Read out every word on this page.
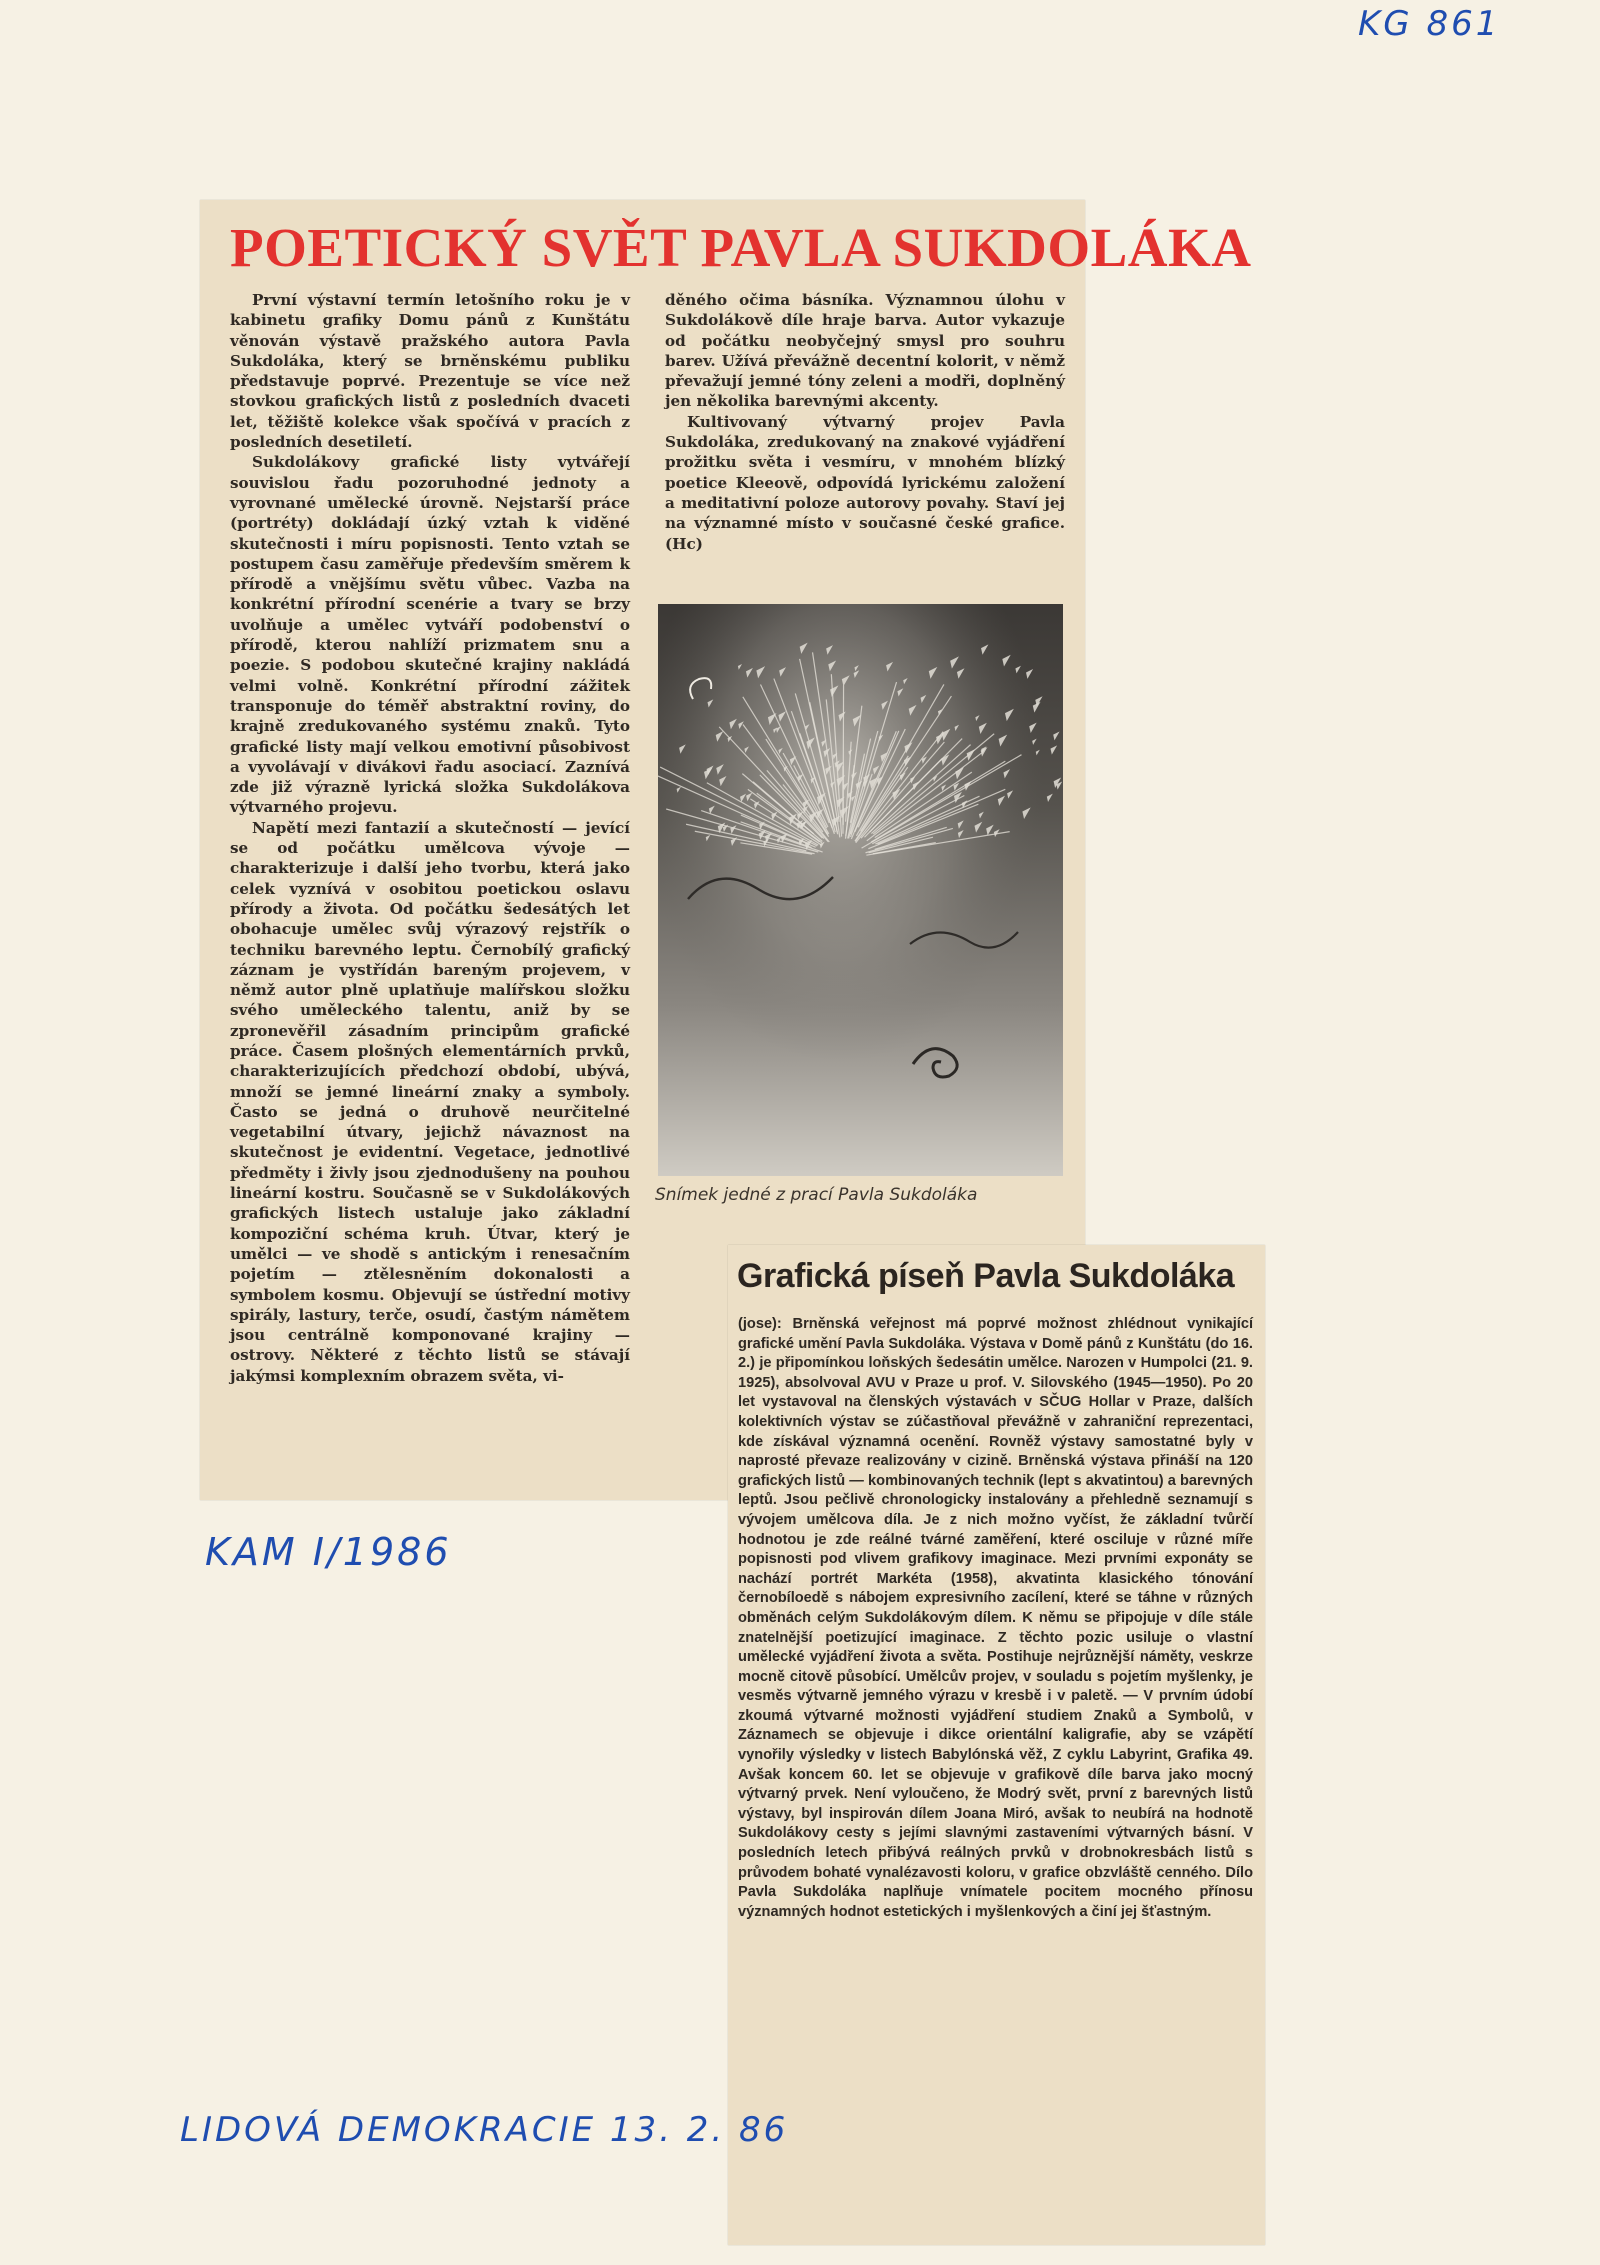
KG 861
POETICKÝ SVĚT PAVLA SUKDOLÁKA

První výstavní termín letošního roku je v kabinetu grafiky Domu pánů z Kunštátu věnován výstavě pražského autora Pavla Sukdoláka, který se brněnskému publiku představuje poprvé. Prezentuje se více než stovkou grafických listů z posledních dvaceti let, těžiště kolekce však spočívá v pracích z posledních desetiletí.

Sukdolákovy grafické listy vytvářejí souvislou řadu pozoruhodné jednoty a vyrovnané umělecké úrovně. Nejstarší práce (portréty) dokládají úzký vztah k viděné skutečnosti i míru popisnosti. Tento vztah se postupem času zaměřuje především směrem k přírodě a vnějšímu světu vůbec. Vazba na konkrétní přírodní scenérie a tvary se brzy uvolňuje a umělec vytváří podobenství o přírodě, kterou nahlíží prizmatem snu a poezie. S podobou skutečné krajiny nakládá velmi volně. Konkrétní přírodní zážitek transponuje do téměř abstraktní roviny, do krajně zredukovaného systému znaků. Tyto grafické listy mají velkou emotivní působivost a vyvolávají v divákovi řadu asociací. Zaznívá zde již výrazně lyrická složka Sukdolákova výtvarného projevu.

Napětí mezi fantazií a skutečností — jevící se od počátku umělcova vývoje — charakterizuje i další jeho tvorbu, která jako celek vyznívá v osobitou poetickou oslavu přírody a života. Od počátku šedesátých let obohacuje umělec svůj výrazový rejstřík o techniku barevného leptu. Černobílý grafický záznam je vystřídán bareným projevem, v němž autor plně uplatňuje malířskou složku svého uměleckého talentu, aniž by se zpronevěřil zásadním principům grafické práce. Časem plošných elementárních prvků, charakterizujících předchozí období, ubývá, množí se jemné lineární znaky a symboly. Často se jedná o druhově neurčitelné vegetabilní útvary, jejichž návaznost na skutečnost je evidentní. Vegetace, jednotlivé předměty i živly jsou zjednodušeny na pouhou lineární kostru. Současně se v Sukdolákových grafických listech ustaluje jako základní kompoziční schéma kruh. Útvar, který je umělci — ve shodě s antickým i renesačním pojetím — ztělesněním dokonalosti a symbolem kosmu. Objevují se ústřední motivy spirály, lastury, terče, osudí, častým námětem jsou centrálně komponované krajiny — ostrovy. Některé z těchto listů se stávají jakýmsi komplexním obrazem světa, vi-

děného očima básníka. Významnou úlohu v Sukdolákově díle hraje barva. Autor vykazuje od počátku neobyčejný smysl pro souhru barev. Užívá převážně decentní kolorit, v němž převažují jemné tóny zeleni a modři, doplněný jen několika barevnými akcenty.

Kultivovaný výtvarný projev Pavla Sukdoláka, zredukovaný na znakové vyjádření prožitku světa i vesmíru, v mnohém blízký poetice Kleeově, odpovídá lyrickému založení a meditativní poloze autorovy povahy. Staví jej na významné místo v současné české grafice. (Hc)

Snímek jedné z prací Pavla Sukdoláka
KAM I/1986
Grafická píseň Pavla Sukdoláka

(jose): Brněnská veřejnost má poprvé možnost zhlédnout vynikající grafické umění Pavla Sukdoláka. Výstava v Domě pánů z Kunštátu (do 16. 2.) je připomínkou loňských šedesátin umělce. Narozen v Humpolci (21. 9. 1925), absolvoval AVU v Praze u prof. V. Silovského (1945—1950). Po 20 let vystavoval na členských výstavách v SČUG Hollar v Praze, dalších kolektivních výstav se zúčastňoval převážně v zahraniční reprezentaci, kde získával významná ocenění. Rovněž výstavy samostatné byly v naprosté převaze realizovány v cizině. Brněnská výstava přináší na 120 grafických listů — kombinovaných technik (lept s akvatintou) a barevných leptů. Jsou pečlivě chronologicky instalovány a přehledně seznamují s vývojem umělcova díla. Je z nich možno vyčíst, že základní tvůrčí hodnotou je zde reálné tvárné zaměření, které osciluje v různé míře popisnosti pod vlivem grafikovy imaginace. Mezi prvními exponáty se nachází portrét Markéta (1958), akvatinta klasického tónování černobíloedě s nábojem expresivního zacílení, které se táhne v různých obměnách celým Sukdolákovým dílem. K němu se připojuje v díle stále znatelnější poetizující imaginace. Z těchto pozic usiluje o vlastní umělecké vyjádření života a světa. Postihuje nejrůznější náměty, veskrze mocně citově působící. Umělcův projev, v souladu s pojetím myšlenky, je vesměs výtvarně jemného výrazu v kresbě i v paletě. — V prvním údobí zkoumá výtvarné možnosti vyjádření studiem Znaků a Symbolů, v Záznamech se objevuje i dikce orientální kaligrafie, aby se vzápětí vynořily výsledky v listech Babylónská věž, Z cyklu Labyrint, Grafika 49. Avšak koncem 60. let se objevuje v grafikově díle barva jako mocný výtvarný prvek. Není vyloučeno, že Modrý svět, první z barevných listů výstavy, byl inspirován dílem Joana Miró, avšak to neubírá na hodnotě Sukdolákovy cesty s jejími slavnými zastaveními výtvarných básní. V posledních letech přibývá reálných prvků v drobnokresbách listů s průvodem bohaté vynalézavosti koloru, v grafice obzvláště cenného. Dílo Pavla Sukdoláka naplňuje vnímatele pocitem mocného přínosu významných hodnot estetických i myšlenkových a činí jej šťastným.

LIDOVÁ DEMOKRACIE 13. 2. 86
